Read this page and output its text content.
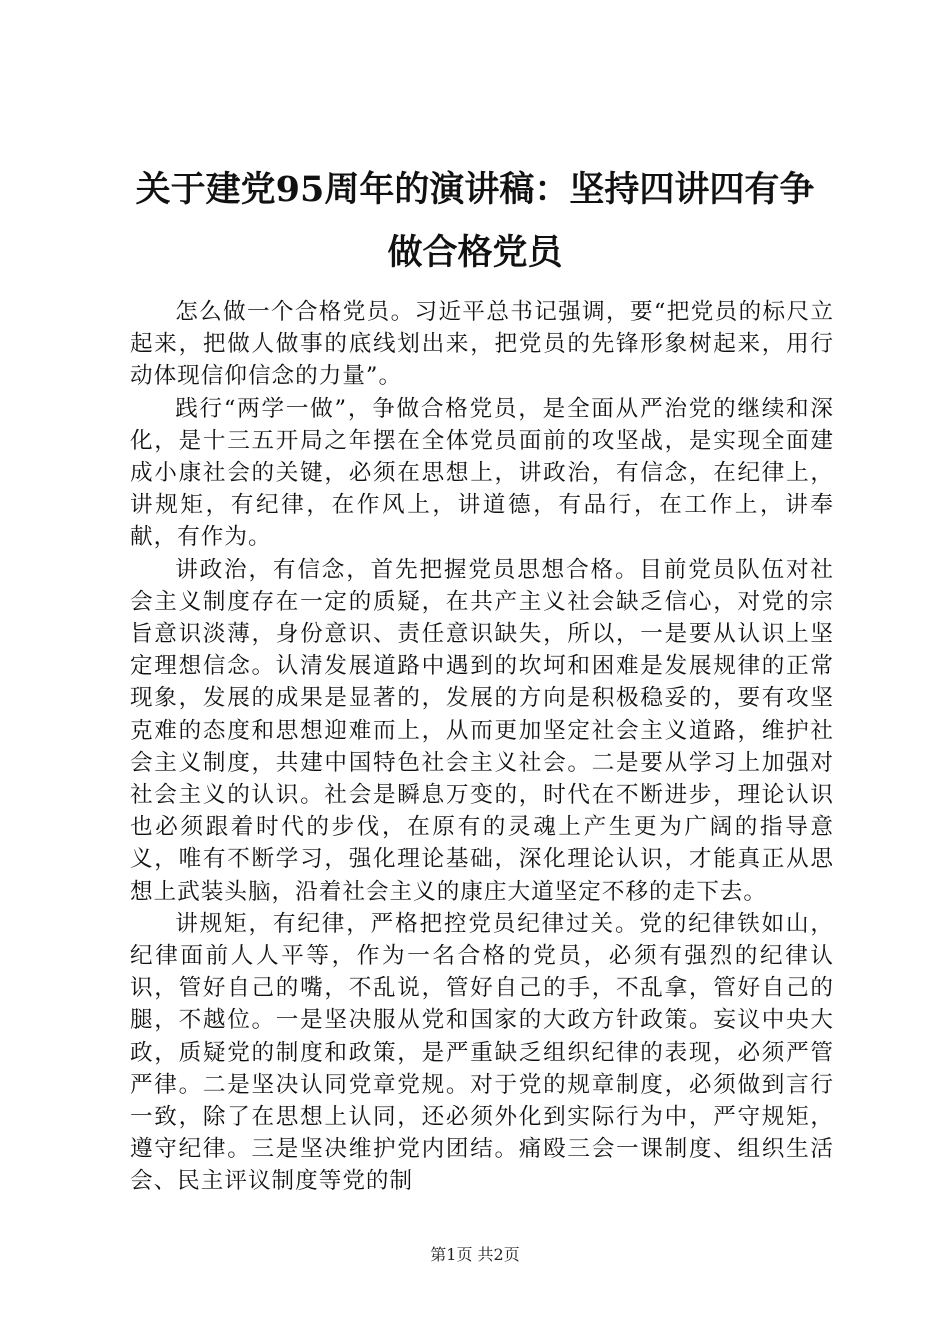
关于建党95周年的演讲稿：坚持四讲四有争
做合格党员

怎么做一个合格党员。习近平总书记强调，要“把党员的标尺立起来，把做人做事的底线划出来，把党员的先锋形象树起来，用行动体现信仰信念的力量”。

践行“两学一做”，争做合格党员，是全面从严治党的继续和深化，是十三五开局之年摆在全体党员面前的攻坚战，是实现全面建成小康社会的关键，必须在思想上，讲政治，有信念，在纪律上，讲规矩，有纪律，在作风上，讲道德，有品行，在工作上，讲奉献，有作为。

讲政治，有信念，首先把握党员思想合格。目前党员队伍对社会主义制度存在一定的质疑，在共产主义社会缺乏信心，对党的宗旨意识淡薄，身份意识、责任意识缺失，所以，一是要从认识上坚定理想信念。认清发展道路中遇到的坎坷和困难是发展规律的正常现象，发展的成果是显著的，发展的方向是积极稳妥的，要有攻坚克难的态度和思想迎难而上，从而更加坚定社会主义道路，维护社会主义制度，共建中国特色社会主义社会。二是要从学习上加强对社会主义的认识。社会是瞬息万变的，时代在不断进步，理论认识也必须跟着时代的步伐，在原有的灵魂上产生更为广阔的指导意义，唯有不断学习，强化理论基础，深化理论认识，才能真正从思想上武装头脑，沿着社会主义的康庄大道坚定不移的走下去。

讲规矩，有纪律，严格把控党员纪律过关。党的纪律铁如山，纪律面前人人平等，作为一名合格的党员，必须有强烈的纪律认识，管好自己的嘴，不乱说，管好自己的手，不乱拿，管好自己的腿，不越位。一是坚决服从党和国家的大政方针政策。妄议中央大政，质疑党的制度和政策，是严重缺乏组织纪律的表现，必须严管严律。二是坚决认同党章党规。对于党的规章制度，必须做到言行一致，除了在思想上认同，还必须外化到实际行为中，严守规矩，遵守纪律。三是坚决维护党内团结。痛殴三会一课制度、组织生活会、民主评议制度等党的制

第1页 共2页
